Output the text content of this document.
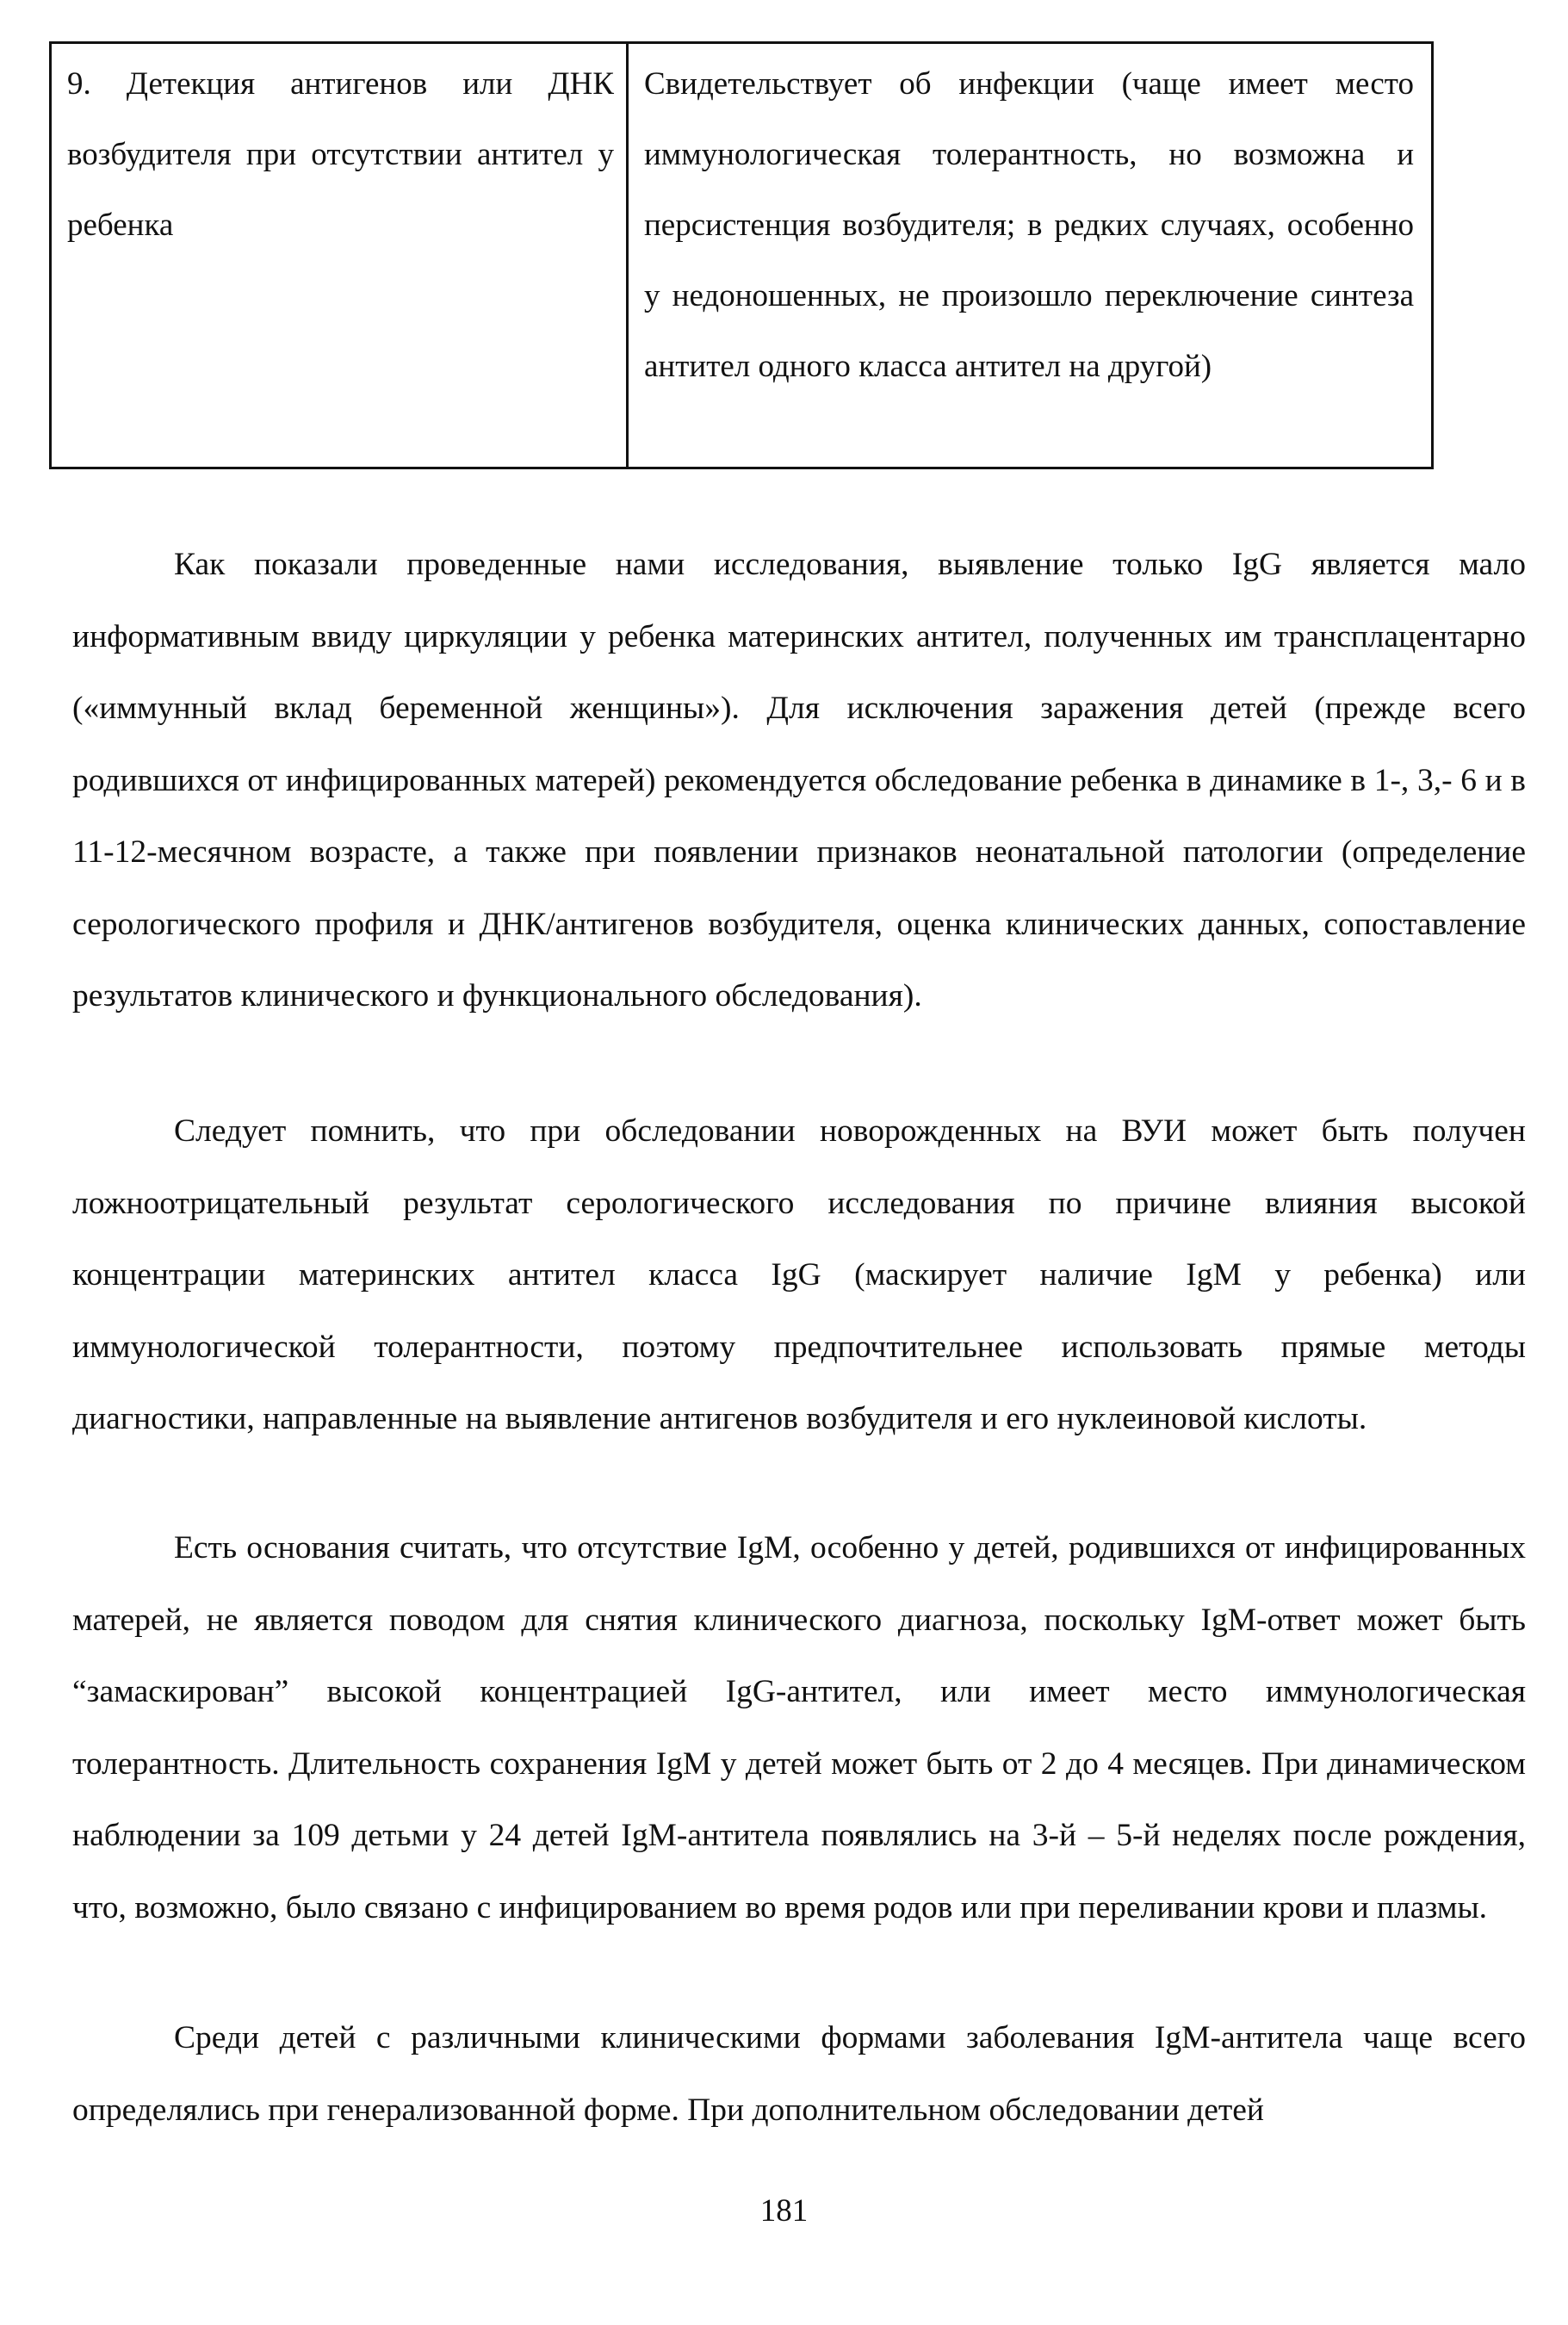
9. Детекция антигенов или ДНК возбудителя при отсутствии антител у ребенка
Свидетельствует об инфекции (чаще имеет место иммунологическая толерантность, но возможна и персистенция возбудителя; в редких случаях, особенно у недоношенных, не произошло переключение синтеза антител одного класса антител на другой)

Как показали проведенные нами исследования, выявление только IgG является мало информативным ввиду циркуляции у ребенка материнских антител, полученных им трансплацентарно («иммунный вклад беременной женщины»). Для исключения заражения детей (прежде всего родившихся от инфицированных матерей) рекомендуется обследование ребенка в динамике в 1-, 3,- 6 и в 11-12-месячном возрасте, а также при появлении признаков неонатальной патологии (определение серологического профиля и ДНК/антигенов возбудителя, оценка клинических данных, сопоставление результатов клинического и функционального обследования).

Следует помнить, что при обследовании новорожденных на ВУИ может быть получен ложноотрицательный результат серологического исследования по причине влияния высокой концентрации материнских антител класса IgG (маскирует наличие IgM у ребенка) или иммунологической толерантности, поэтому предпочтительнее использовать прямые методы диагностики, направленные на выявление антигенов возбудителя и его нуклеиновой кислоты.

Есть основания считать, что отсутствие IgM, особенно у детей, родившихся от инфицированных матерей, не является поводом для снятия клинического диагноза, поскольку IgM-ответ может быть “замаскирован” высокой концентрацией IgG-антител, или имеет место иммунологическая толерантность. Длительность сохранения IgM у детей может быть от 2 до 4 месяцев. При динамическом наблюдении за 109 детьми у 24 детей IgM-антитела появлялись на 3-й – 5-й неделях после рождения, что, возможно, было связано с инфицированием во время родов или при переливании крови и плазмы.

Среди детей с различными клиническими формами заболевания IgM-антитела чаще всего определялись при генерализованной форме. При дополнительном обследовании детей

181
